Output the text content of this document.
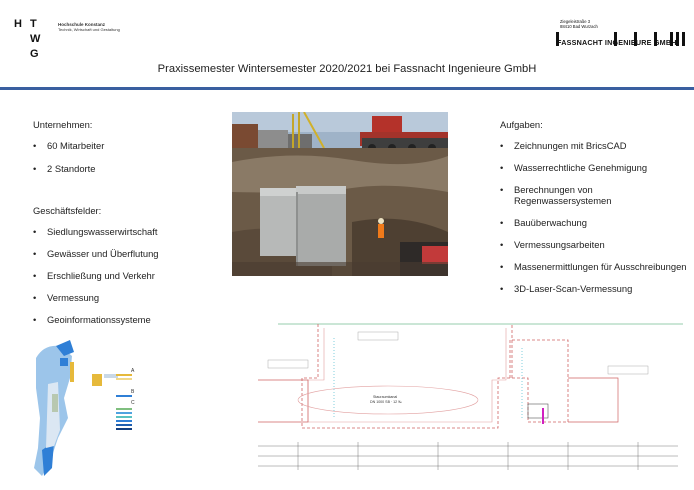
H T
W
G
Hochschule Konstanz
Technik, Wirtschaft und Gestaltung
Ziegeleistraße 3
88410 Bad Wurzach
FASSNACHT INGENIEURE GMBH
Praxissemester Wintersemester 2020/2021 bei Fassnacht Ingenieure GmbH
Unternehmen:
• 60 Mitarbeiter
• 2 Standorte
Geschäftsfelder:
• Siedlungswasserwirtschaft
• Gewässer und Überflutung
• Erschließung und Verkehr
• Vermessung
• Geoinformationssysteme
Aufgaben:
• Zeichnungen mit BricsCAD
• Wasserrechtliche Genehmigung
• Berechnungen von Regenwassersystemen
• Bauüberwachung
• Vermessungsarbeiten
• Massenermittlungen für Ausschreibungen
• 3D-Laser-Scan-Vermessung
A
B
C
Stauraumkanal
DN 1000 SB · 12 ‰
